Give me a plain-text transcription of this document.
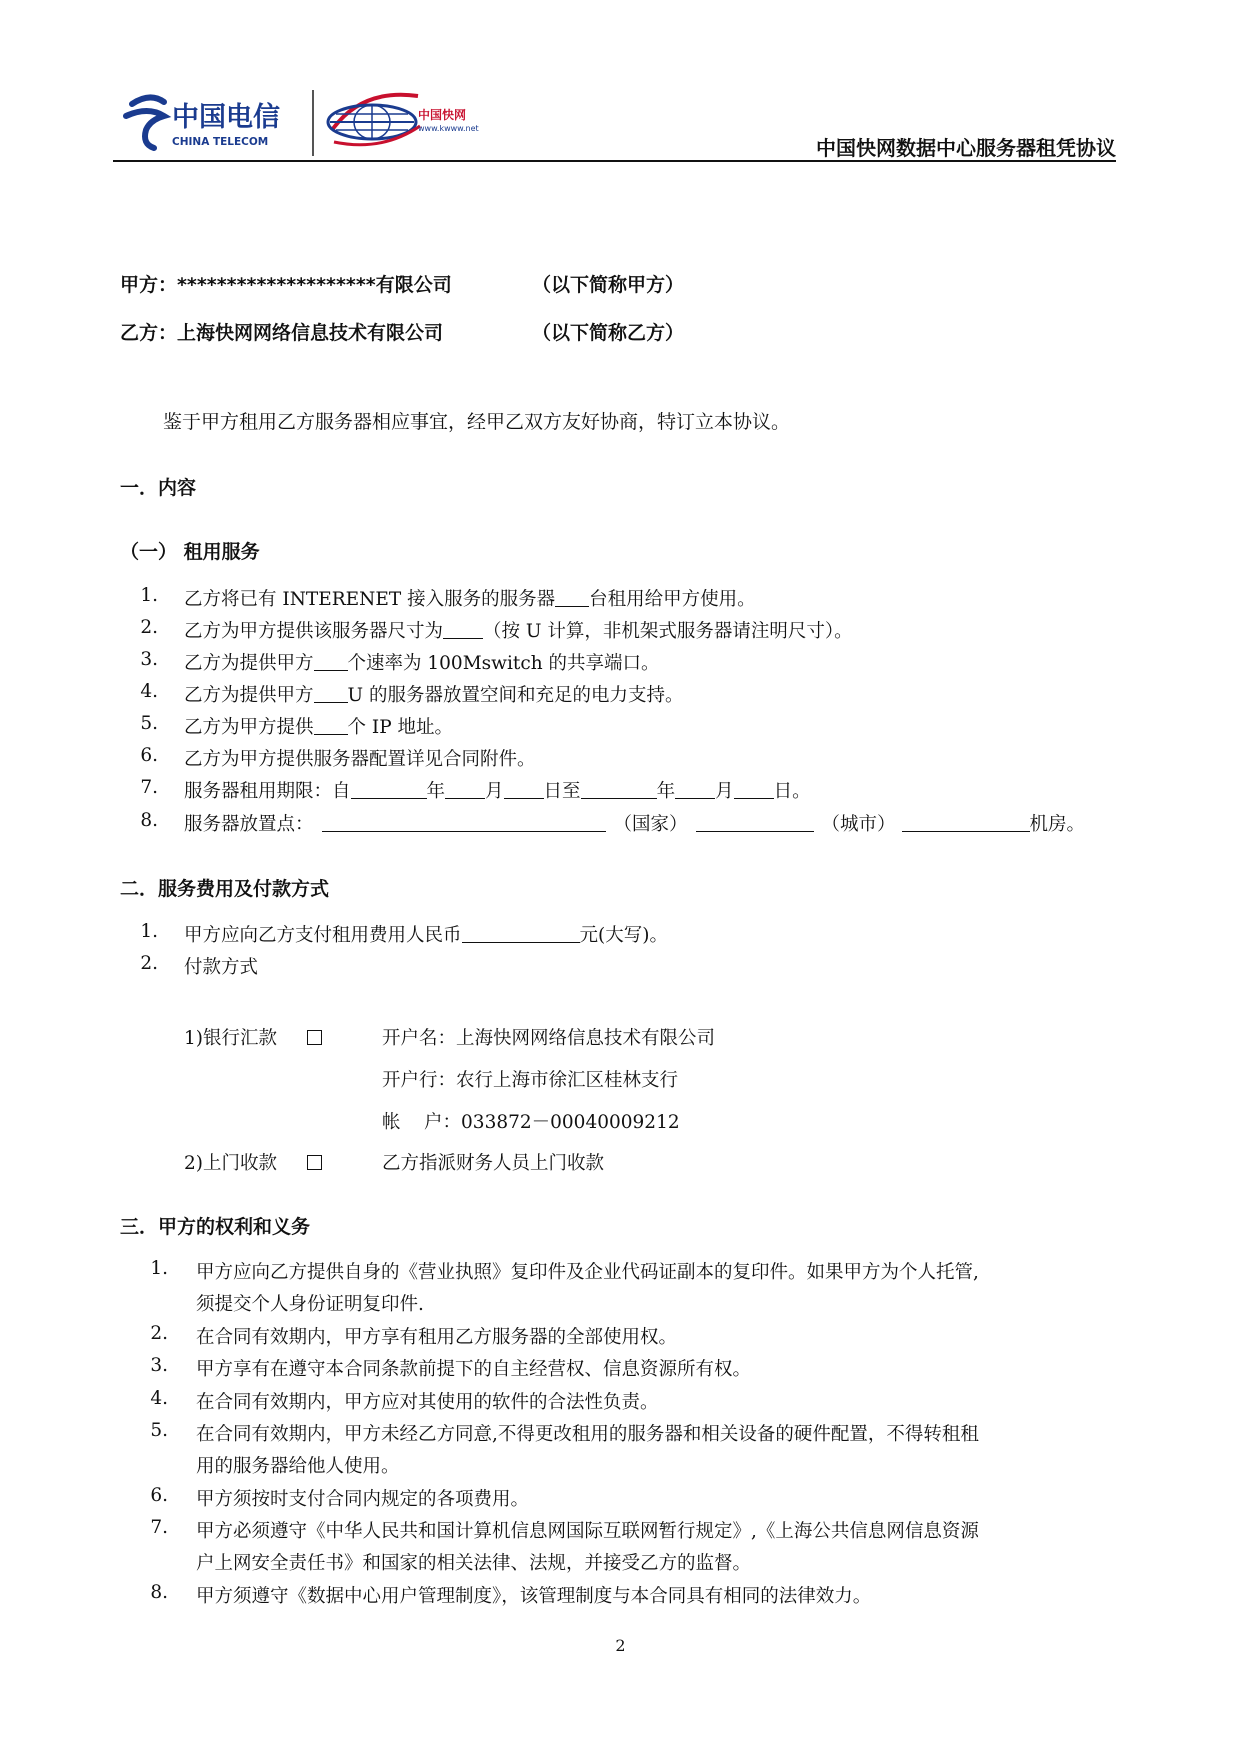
中国电信
CHINA TELECOM
中国快网
www.kwww.net
中国快网数据中心服务器租凭协议
甲方：********************有限公司	（以下简称甲方）
乙方：上海快网网络信息技术有限公司	（以下简称乙方）
鉴于甲方租用乙方服务器相应事宜，经甲乙双方友好协商，特订立本协议。
一．内容
（一） 租用服务
1. 乙方将已有 INTERENET 接入服务的服务器 台租用给甲方使用。
2. 乙方为甲方提供该服务器尺寸为 （按 U 计算，非机架式服务器请注明尺寸）。
3. 乙方为提供甲方 个速率为 100Mswitch 的共享端口。
4. 乙方为提供甲方 U 的服务器放置空间和充足的电力支持。
5. 乙方为甲方提供 个 IP 地址。
6. 乙方为甲方提供服务器配置详见合同附件。
7. 服务器租用期限：自	年 月 日至	年 月 日。
8. 服务器放置点：	（国家）	（城市）	机房。
二．服务费用及付款方式
1. 甲方应向乙方支付租用费用人民币	元(大写)。
2. 付款方式
1)银行汇款	开户名：上海快网网络信息技术有限公司
开户行：农行上海市徐汇区桂林支行
帐    户：033872－00040009212
2)上门收款	乙方指派财务人员上门收款
三．甲方的权利和义务
1. 甲方应向乙方提供自身的《营业执照》复印件及企业代码证副本的复印件。如果甲方为个人托管,
须提交个人身份证明复印件.
2. 在合同有效期内，甲方享有租用乙方服务器的全部使用权。
3. 甲方享有在遵守本合同条款前提下的自主经营权、信息资源所有权。
4. 在合同有效期内，甲方应对其使用的软件的合法性负责。
5. 在合同有效期内，甲方未经乙方同意,不得更改租用的服务器和相关设备的硬件配置，不得转租租
用的服务器给他人使用。
6. 甲方须按时支付合同内规定的各项费用。
7. 甲方必须遵守《中华人民共和国计算机信息网国际互联网暂行规定》,《上海公共信息网信息资源
户上网安全责任书》和国家的相关法律、法规，并接受乙方的监督。
8. 甲方须遵守《数据中心用户管理制度》，该管理制度与本合同具有相同的法律效力。
2
